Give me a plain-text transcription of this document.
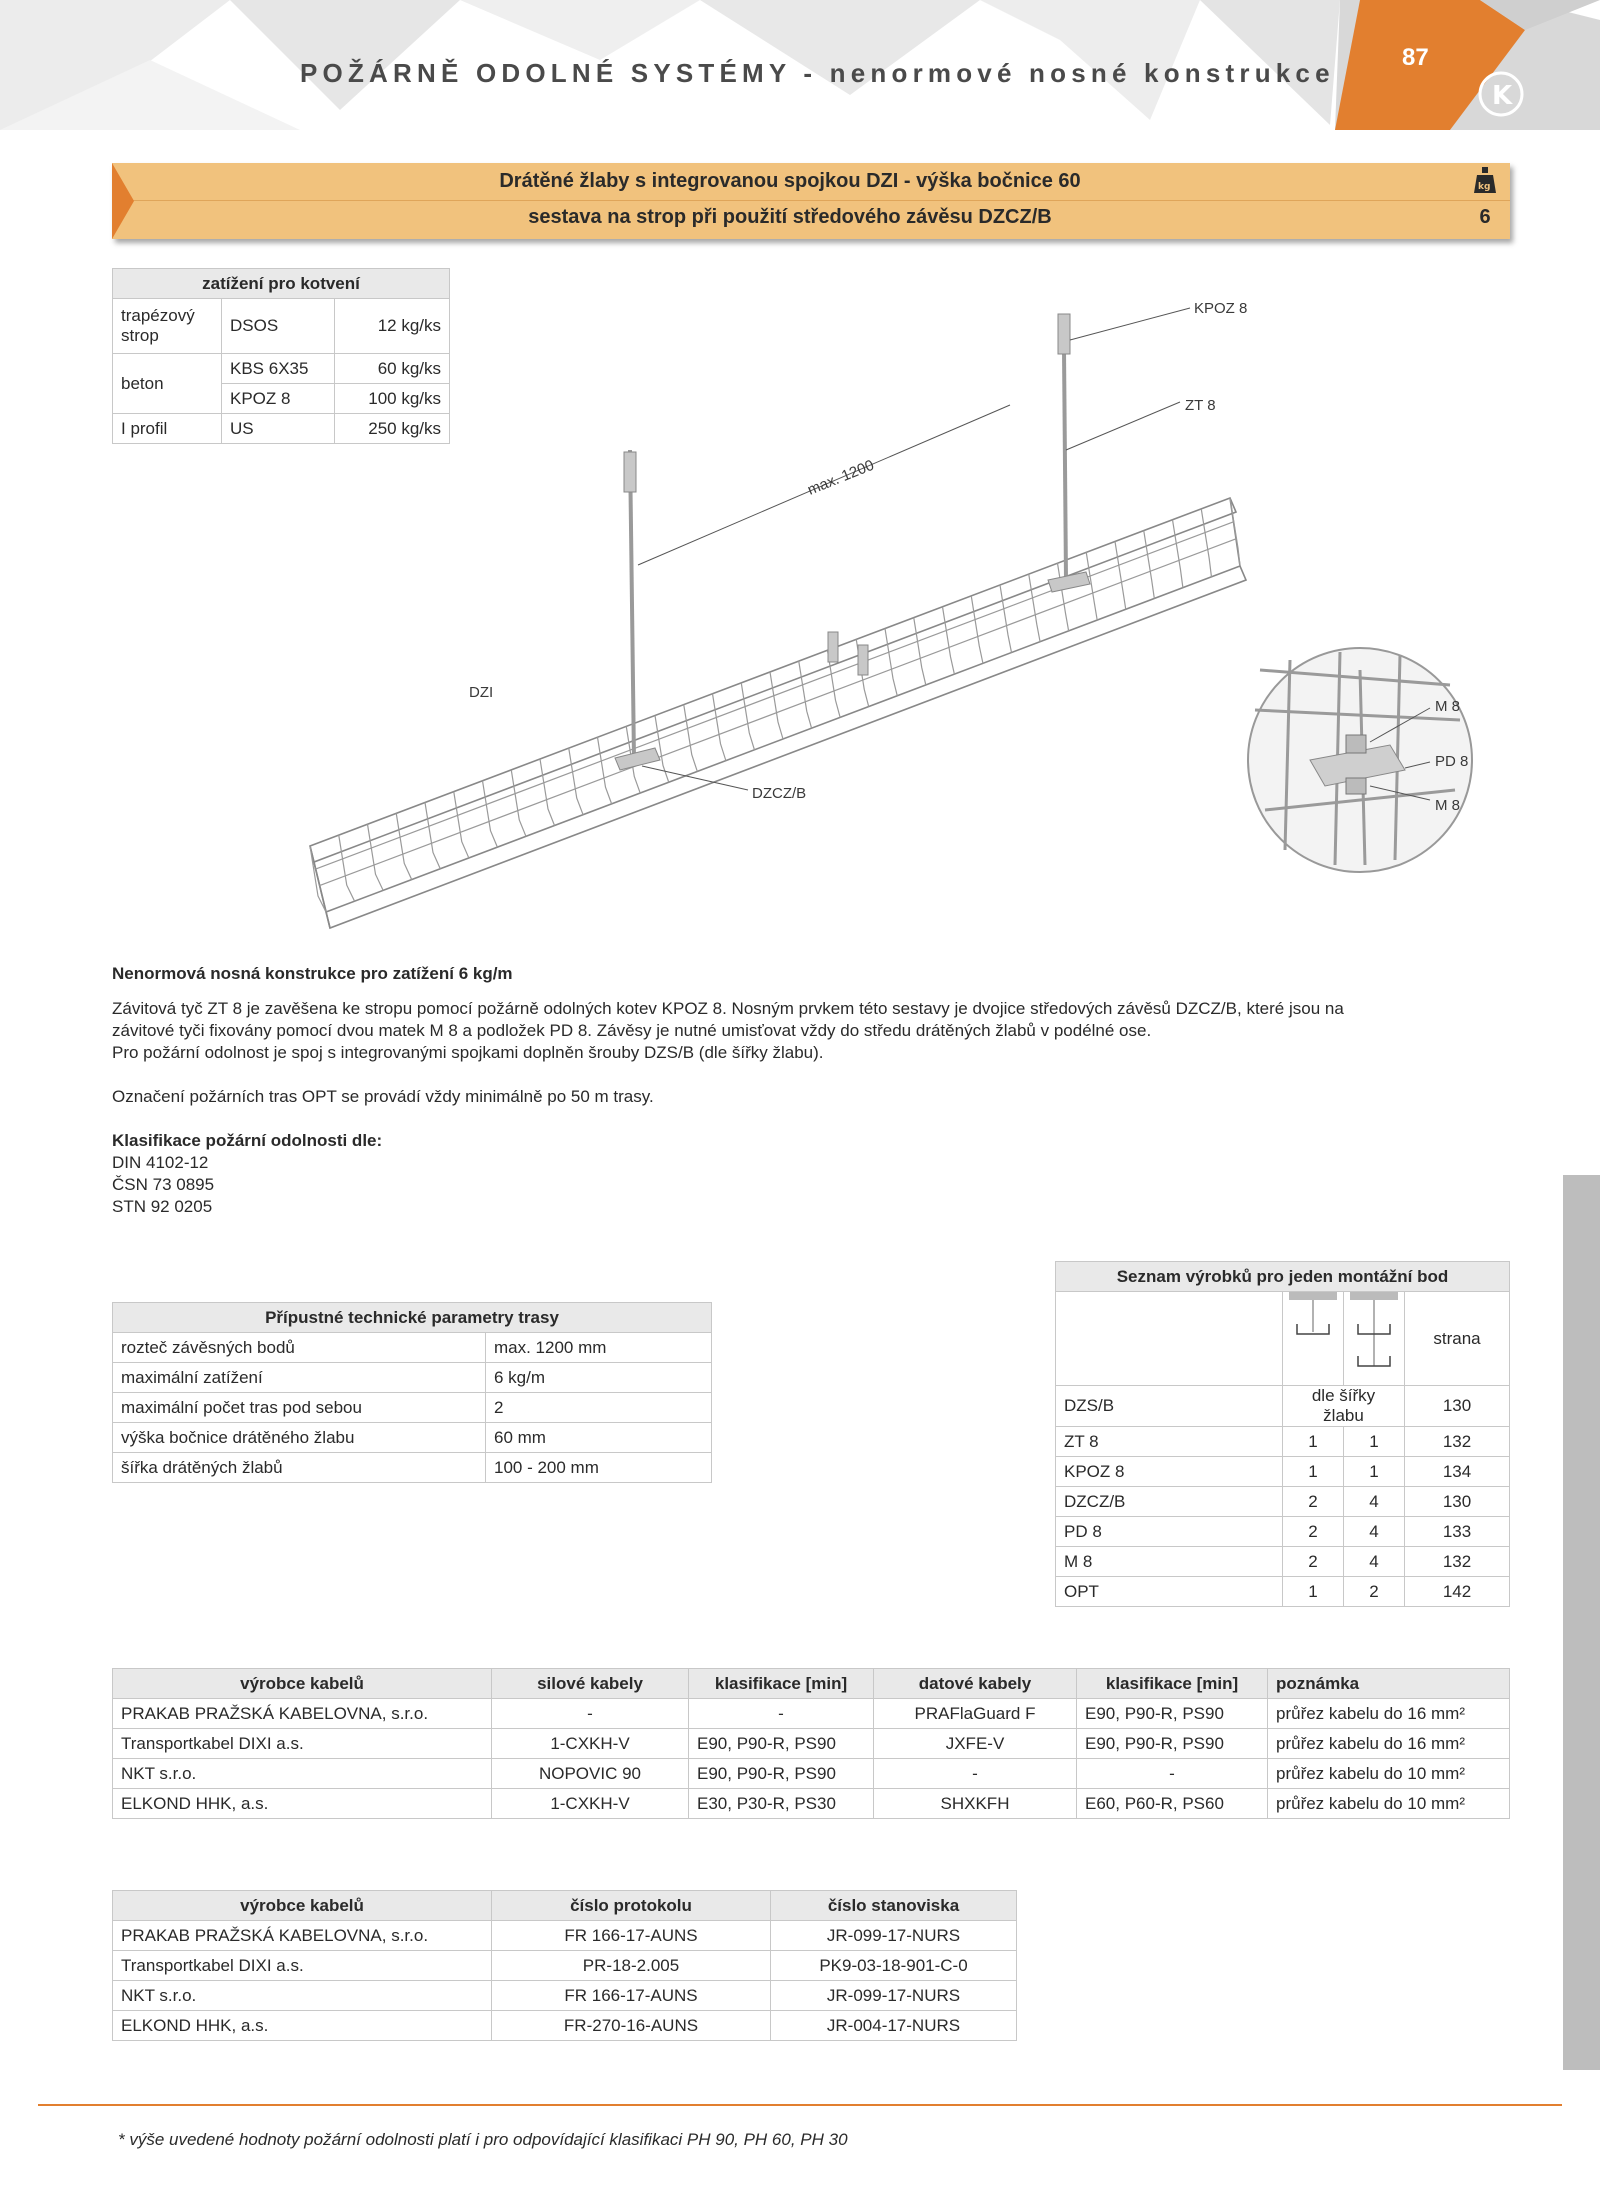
K
POŽÁRNĚ ODOLNÉ SYSTÉMY - nenormové nosné konstrukce
87
Drátěné žlaby s integrovanou spojkou DZI - výška bočnice 60
sestava na strop při použití středového závěsu DZCZ/B
kg
6
zatížení pro kotvení		
trapézový strop	DSOS	12 kg/ks
beton	KBS 6X35	60 kg/ks
	KPOZ 8	100 kg/ks
I profil	US	250 kg/ks
max. 1200
KPOZ 8
ZT 8
DZI
DZCZ/B
M 8
PD 8
M 8
Nenormová nosná konstrukce pro zatížení 6 kg/m
Závitová tyč ZT 8 je zavěšena ke stropu pomocí požárně odolných kotev KPOZ 8. Nosným prvkem této sestavy je dvojice středových závěsů DZCZ/B, které jsou na
závitové tyči fixovány pomocí dvou matek M 8 a podložek PD 8. Závěsy je nutné umisťovat vždy do středu drátěných žlabů v podélné ose.
Pro požární odolnost je spoj s integrovanými spojkami doplněn šrouby DZS/B (dle šířky žlabu).
Označení požárních tras OPT se provádí vždy minimálně po 50 m trasy.
Klasifikace požární odolnosti dle:
DIN 4102-12
ČSN 73 0895
STN 92 0205
Přípustné technické parametry trasy	
rozteč závěsných bodů	max. 1200 mm
maximální zatížení	6 kg/m
maximální počet tras pod sebou	2
výška bočnice drátěného žlabu	60 mm
šířka drátěných žlabů	100 - 200 mm
Seznam výrobků pro jeden montážní bod			
			strana
DZS/B	dle šířky žlabu		130
ZT 8	1	1	132
KPOZ 8	1	1	134
DZCZ/B	2	4	130
PD 8	2	4	133
M 8	2	4	132
OPT	1	2	142
výrobce kabelů	silové kabely	klasifikace [min]	datové kabely	klasifikace [min]	poznámka
PRAKAB PRAŽSKÁ KABELOVNA, s.r.o.	-	-	PRAFlaGuard F	E90, P90-R, PS90	průřez kabelu do 16 mm²
Transportkabel DIXI a.s.	1-CXKH-V	E90, P90-R, PS90	JXFE-V	E90, P90-R, PS90	průřez kabelu do 16 mm²
NKT s.r.o.	NOPOVIC 90	E90, P90-R, PS90	-	-	průřez kabelu do 10 mm²
ELKOND HHK, a.s.	1-CXKH-V	E30, P30-R, PS30	SHXKFH	E60, P60-R, PS60	průřez kabelu do 10 mm²
výrobce kabelů	číslo protokolu	číslo stanoviska
PRAKAB PRAŽSKÁ KABELOVNA, s.r.o.	FR 166-17-AUNS	JR-099-17-NURS
Transportkabel DIXI a.s.	PR-18-2.005	PK9-03-18-901-C-0
NKT s.r.o.	FR 166-17-AUNS	JR-099-17-NURS
ELKOND HHK, a.s.	FR-270-16-AUNS	JR-004-17-NURS
* výše uvedené hodnoty požární odolnosti platí i pro odpovídající klasifikaci PH 90, PH 60, PH 30
